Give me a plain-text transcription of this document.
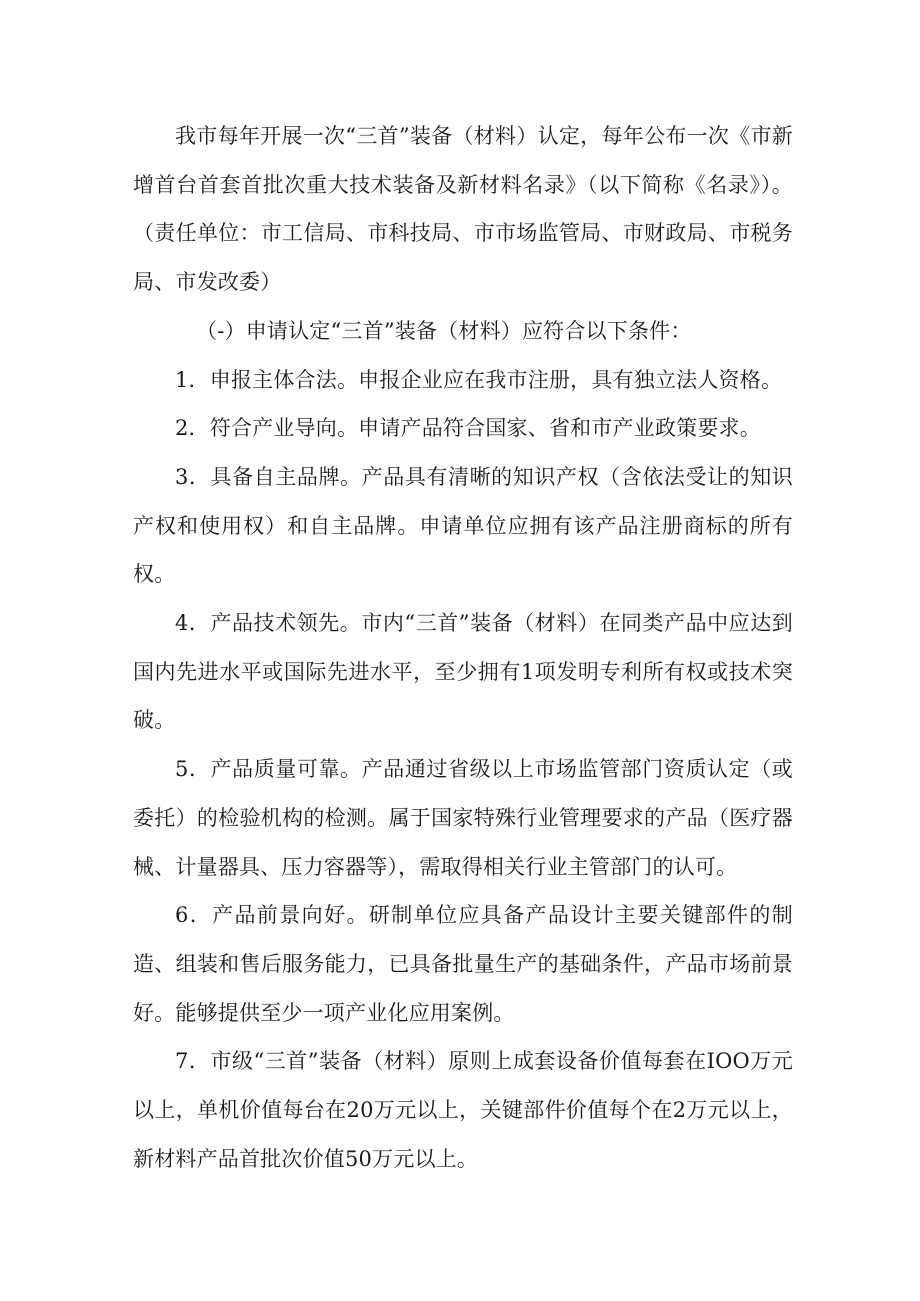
我市每年开展一次“三首”装备（材料）认定，每年公布一次《市新增首台首套首批次重大技术装备及新材料名录》（以下简称《名录》）。（责任单位：市工信局、市科技局、市市场监管局、市财政局、市税务局、市发改委）

（-）申请认定“三首”装备（材料）应符合以下条件：

1．申报主体合法。申报企业应在我市注册，具有独立法人资格。

2．符合产业导向。申请产品符合国家、省和市产业政策要求。

3．具备自主品牌。产品具有清晰的知识产权（含依法受让的知识产权和使用权）和自主品牌。申请单位应拥有该产品注册商标的所有权。

4．产品技术领先。市内“三首”装备（材料）在同类产品中应达到国内先进水平或国际先进水平，至少拥有1项发明专利所有权或技术突破。

5．产品质量可靠。产品通过省级以上市场监管部门资质认定（或委托）的检验机构的检测。属于国家特殊行业管理要求的产品（医疗器械、计量器具、压力容器等），需取得相关行业主管部门的认可。

6．产品前景向好。研制单位应具备产品设计主要关键部件的制造、组装和售后服务能力，已具备批量生产的基础条件，产品市场前景好。能够提供至少一项产业化应用案例。

7．市级“三首”装备（材料）原则上成套设备价值每套在IOO万元以上，单机价值每台在20万元以上，关键部件价值每个在2万元以上，新材料产品首批次价值50万元以上。
